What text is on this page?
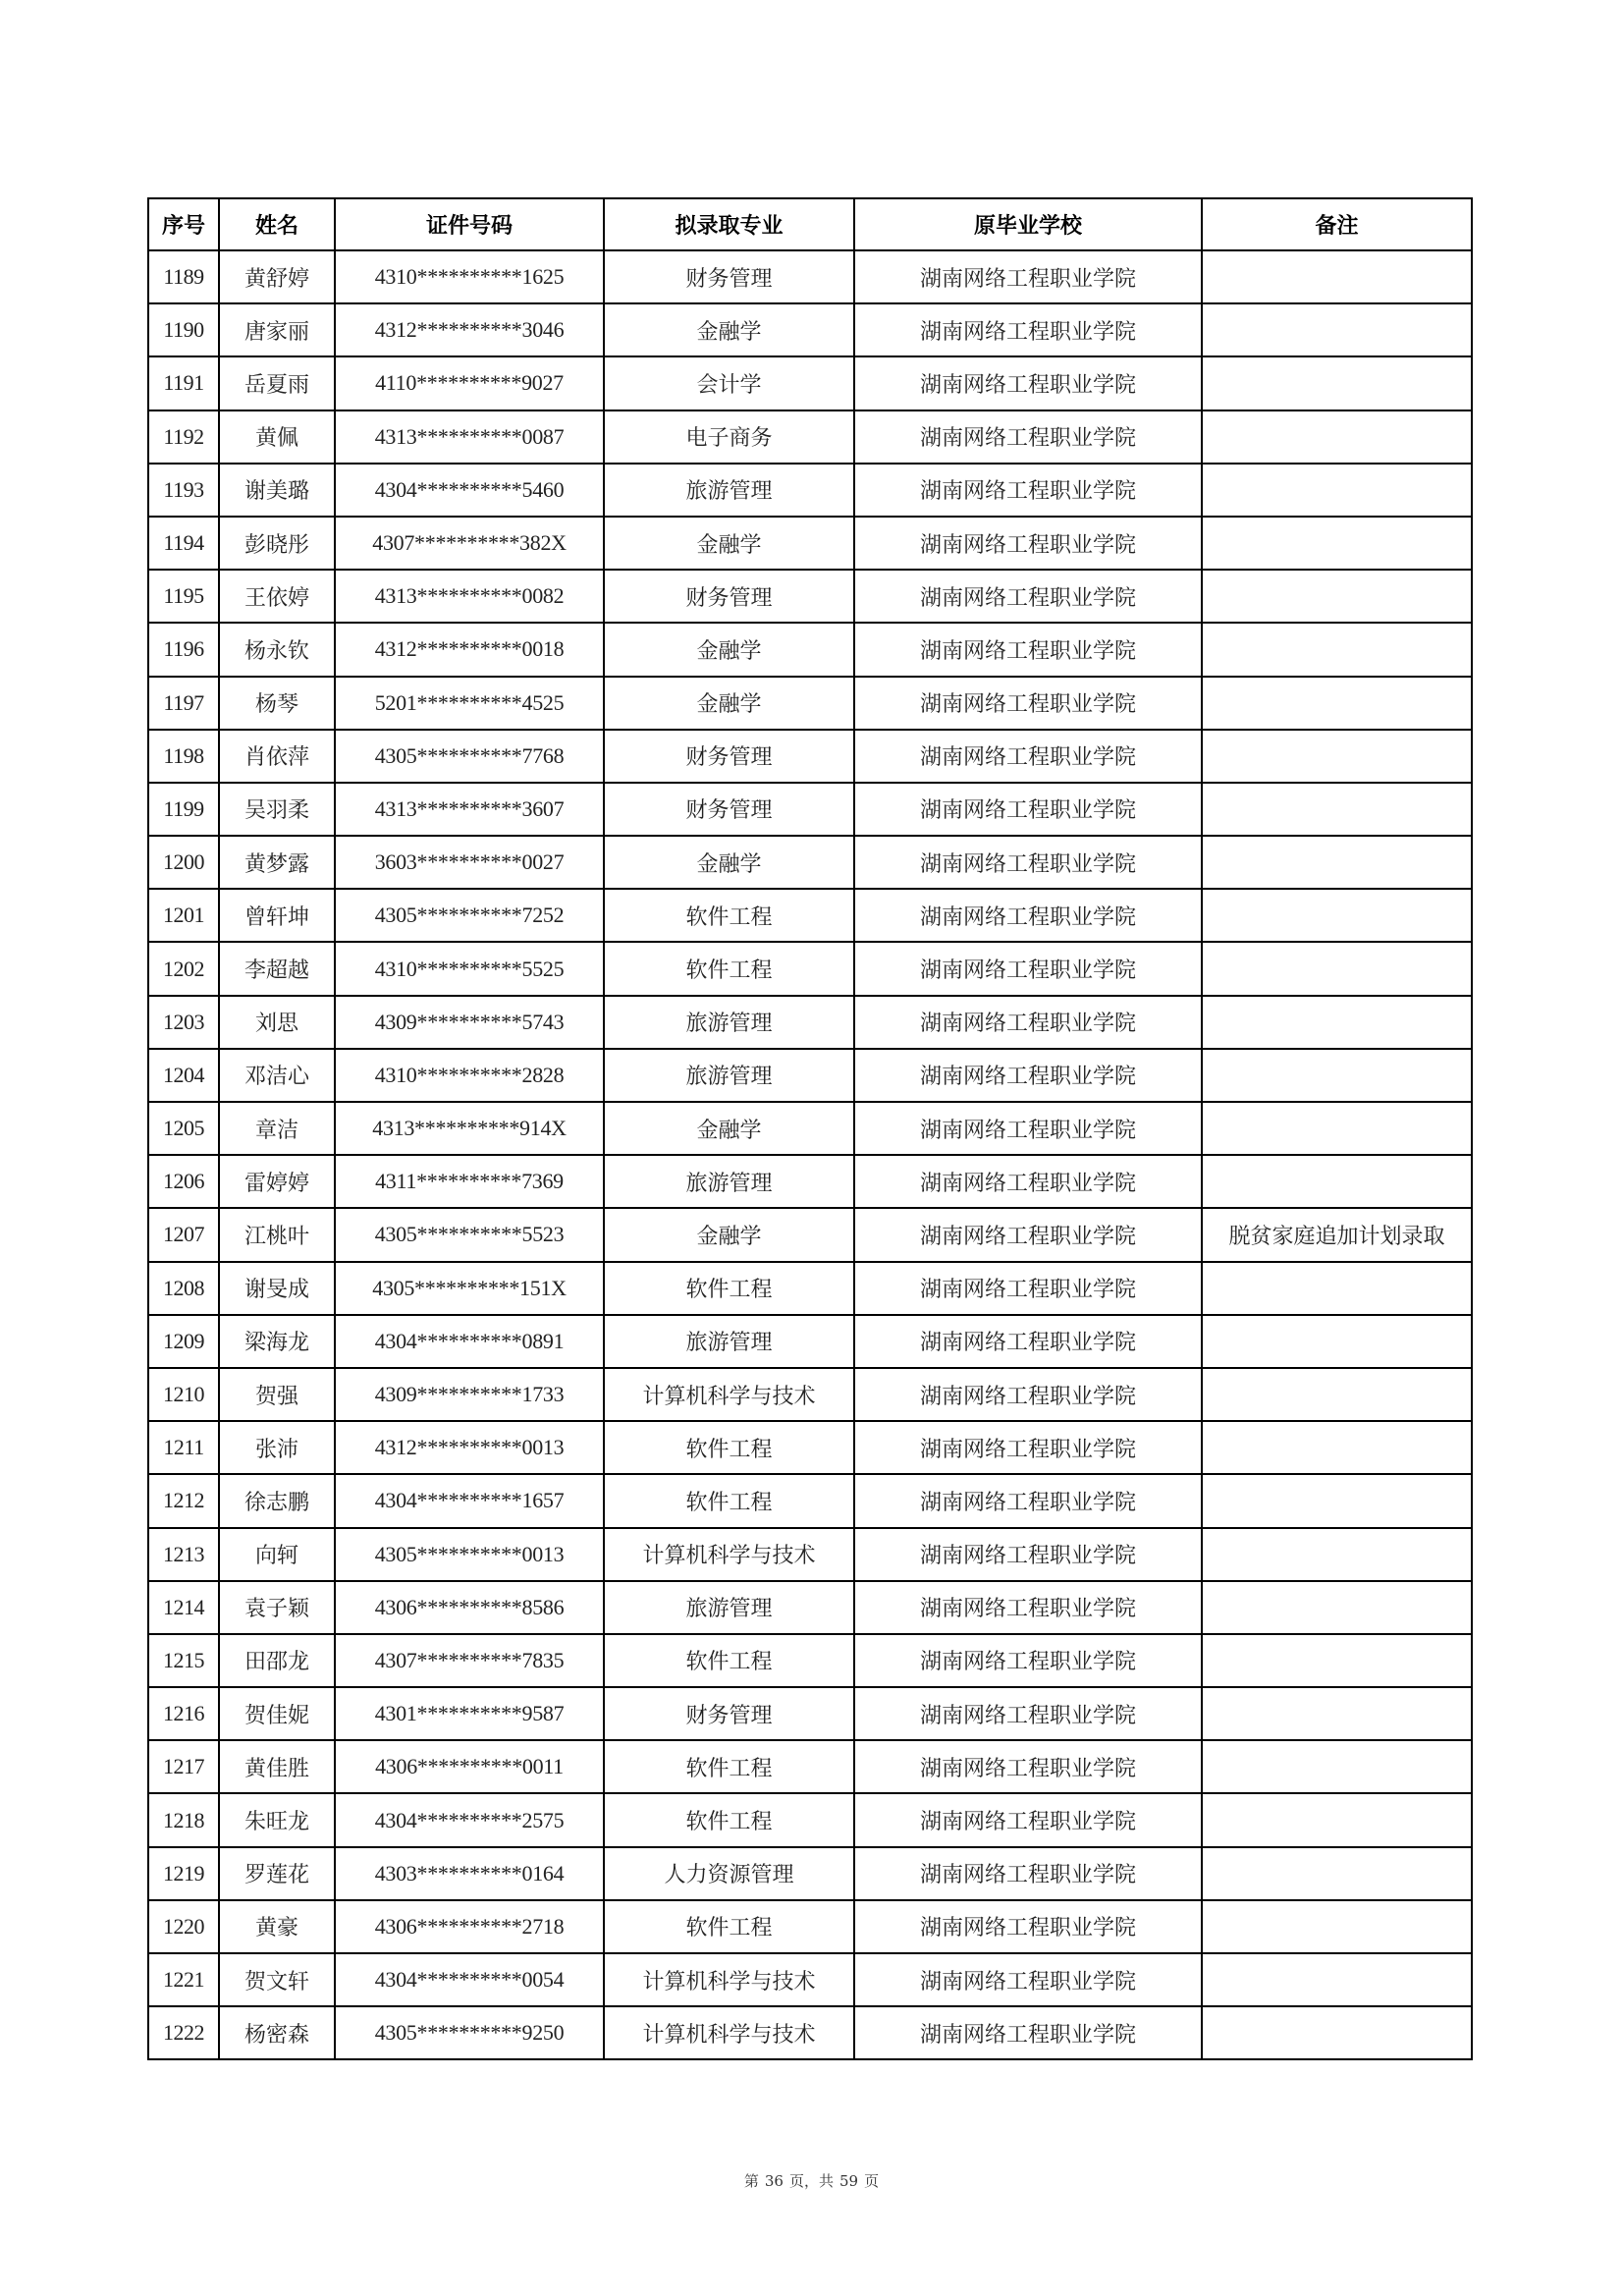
序号	姓名	证件号码	拟录取专业	原毕业学校	备注
1189	黄舒婷	4310**********1625	财务管理	湖南网络工程职业学院	
1190	唐家丽	4312**********3046	金融学	湖南网络工程职业学院	
1191	岳夏雨	4110**********9027	会计学	湖南网络工程职业学院	
1192	黄佩	4313**********0087	电子商务	湖南网络工程职业学院	
1193	谢美璐	4304**********5460	旅游管理	湖南网络工程职业学院	
1194	彭晓彤	4307**********382X	金融学	湖南网络工程职业学院	
1195	王依婷	4313**********0082	财务管理	湖南网络工程职业学院	
1196	杨永钦	4312**********0018	金融学	湖南网络工程职业学院	
1197	杨琴	5201**********4525	金融学	湖南网络工程职业学院	
1198	肖依萍	4305**********7768	财务管理	湖南网络工程职业学院	
1199	吴羽柔	4313**********3607	财务管理	湖南网络工程职业学院	
1200	黄梦露	3603**********0027	金融学	湖南网络工程职业学院	
1201	曾轩坤	4305**********7252	软件工程	湖南网络工程职业学院	
1202	李超越	4310**********5525	软件工程	湖南网络工程职业学院	
1203	刘思	4309**********5743	旅游管理	湖南网络工程职业学院	
1204	邓洁心	4310**********2828	旅游管理	湖南网络工程职业学院	
1205	章洁	4313**********914X	金融学	湖南网络工程职业学院	
1206	雷婷婷	4311**********7369	旅游管理	湖南网络工程职业学院	
1207	江桃叶	4305**********5523	金融学	湖南网络工程职业学院	脱贫家庭追加计划录取
1208	谢旻成	4305**********151X	软件工程	湖南网络工程职业学院	
1209	梁海龙	4304**********0891	旅游管理	湖南网络工程职业学院	
1210	贺强	4309**********1733	计算机科学与技术	湖南网络工程职业学院	
1211	张沛	4312**********0013	软件工程	湖南网络工程职业学院	
1212	徐志鹏	4304**********1657	软件工程	湖南网络工程职业学院	
1213	向轲	4305**********0013	计算机科学与技术	湖南网络工程职业学院	
1214	袁子颖	4306**********8586	旅游管理	湖南网络工程职业学院	
1215	田邵龙	4307**********7835	软件工程	湖南网络工程职业学院	
1216	贺佳妮	4301**********9587	财务管理	湖南网络工程职业学院	
1217	黄佳胜	4306**********0011	软件工程	湖南网络工程职业学院	
1218	朱旺龙	4304**********2575	软件工程	湖南网络工程职业学院	
1219	罗莲花	4303**********0164	人力资源管理	湖南网络工程职业学院	
1220	黄豪	4306**********2718	软件工程	湖南网络工程职业学院	
1221	贺文轩	4304**********0054	计算机科学与技术	湖南网络工程职业学院	
1222	杨密森	4305**********9250	计算机科学与技术	湖南网络工程职业学院	
第 36 页，共 59 页
